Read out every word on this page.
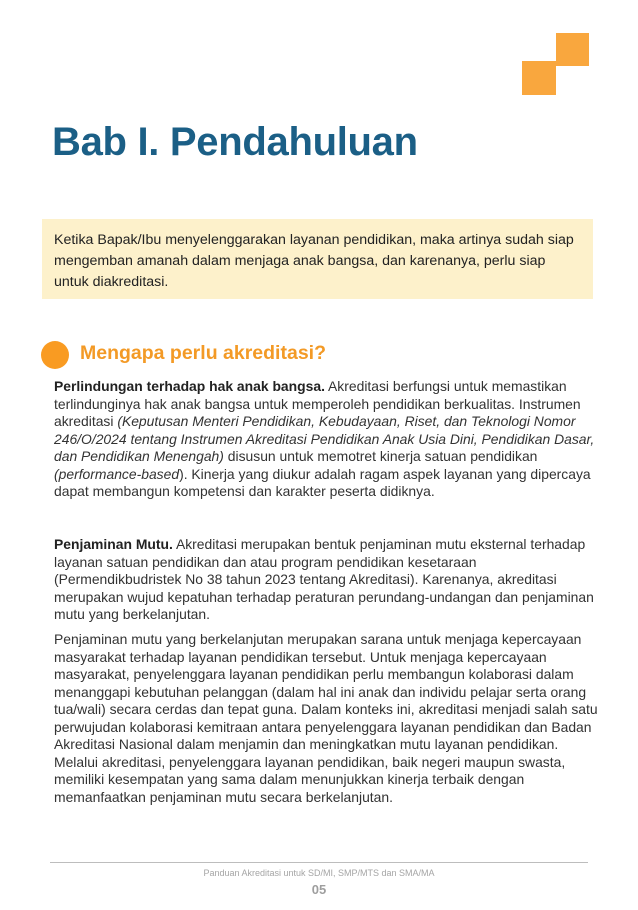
Bab I. Pendahuluan
Ketika Bapak/Ibu menyelenggarakan layanan pendidikan, maka artinya sudah siap mengemban amanah dalam menjaga anak bangsa, dan karenanya, perlu siap untuk diakreditasi.
Mengapa perlu akreditasi?
Perlindungan terhadap hak anak bangsa. Akreditasi berfungsi untuk memastikan terlindunginya hak anak bangsa untuk memperoleh pendidikan berkualitas. Instrumen akreditasi (Keputusan Menteri Pendidikan, Kebudayaan, Riset, dan Teknologi Nomor 246/O/2024 tentang Instrumen Akreditasi Pendidikan Anak Usia Dini, Pendidikan Dasar, dan Pendidikan Menengah) disusun untuk memotret kinerja satuan pendidikan (performance-based). Kinerja yang diukur adalah ragam aspek layanan yang dipercaya dapat membangun kompetensi dan karakter peserta didiknya.
Penjaminan Mutu. Akreditasi merupakan bentuk penjaminan mutu eksternal terhadap layanan satuan pendidikan dan atau program pendidikan kesetaraan (Permendikbudristek No 38 tahun 2023 tentang Akreditasi). Karenanya, akreditasi merupakan wujud kepatuhan terhadap peraturan perundang-undangan dan penjaminan mutu yang berkelanjutan.
Penjaminan mutu yang berkelanjutan merupakan sarana untuk menjaga kepercayaan masyarakat terhadap layanan pendidikan tersebut. Untuk menjaga kepercayaan masyarakat, penyelenggara layanan pendidikan perlu membangun kolaborasi dalam menanggapi kebutuhan pelanggan (dalam hal ini anak dan individu pelajar serta orang tua/wali) secara cerdas dan tepat guna. Dalam konteks ini, akreditasi menjadi salah satu perwujudan kolaborasi kemitraan antara penyelenggara layanan pendidikan dan Badan Akreditasi Nasional dalam menjamin dan meningkatkan mutu layanan pendidikan. Melalui akreditasi, penyelenggara layanan pendidikan, baik negeri maupun swasta, memiliki kesempatan yang sama dalam menunjukkan kinerja terbaik dengan memanfaatkan penjaminan mutu secara berkelanjutan.
Panduan Akreditasi untuk SD/MI, SMP/MTS dan SMA/MA
05
